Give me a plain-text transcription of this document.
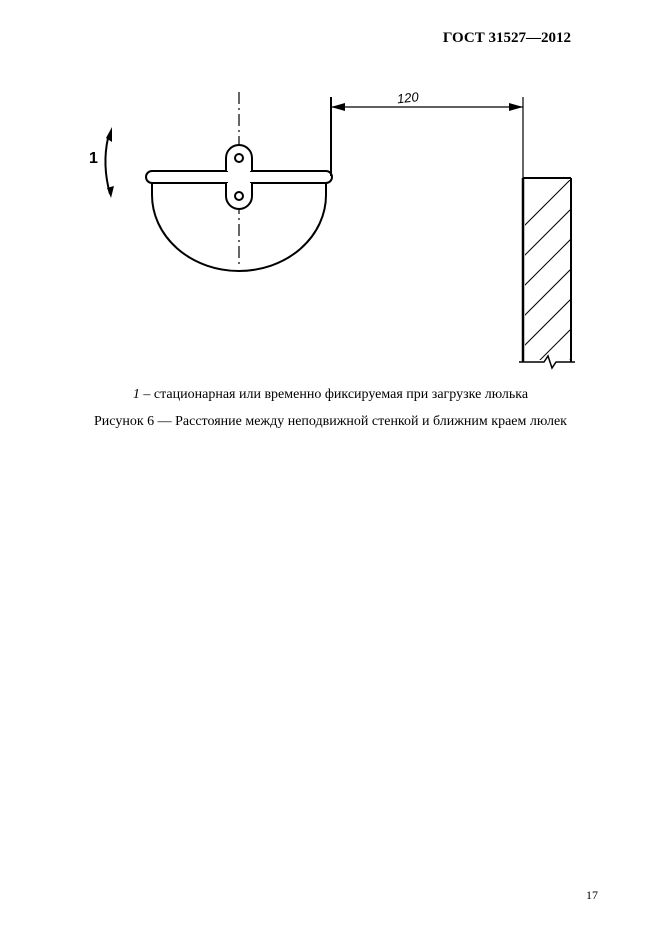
ГОСТ 31527—2012
1
120
1 – стационарная или временно фиксируемая при загрузке люлька
Рисунок 6 — Расстояние между неподвижной стенкой и ближним краем люлек
17
